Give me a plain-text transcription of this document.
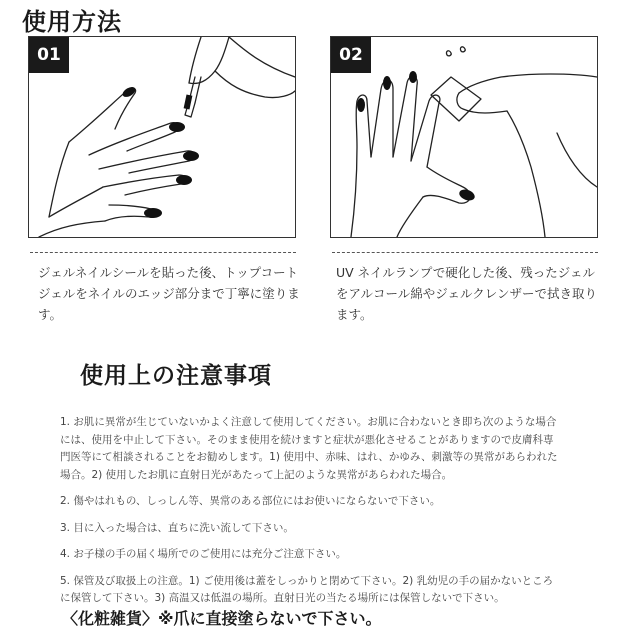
使用方法
01
ジェルネイルシールを貼った後、トップコートジェルをネイルのエッジ部分まで丁寧に塗ります。
02
UV ネイルランプで硬化した後、残ったジェルをアルコール綿やジェルクレンザーで拭き取ります。
使用上の注意事項
1. お肌に異常が生じていないかよく注意して使用してください。お肌に合わないとき即ち次のような場合には、使用を中止して下さい。そのまま使用を続けますと症状が悪化させることがありますので皮膚科専門医等にて相談されることをお勧めします。1) 使用中、赤味、はれ、かゆみ、刺激等の異常があらわれた場合。2) 使用したお肌に直射日光があたって上記のような異常があらわれた場合。
2. 傷やはれもの、しっしん等、異常のある部位にはお使いにならないで下さい。
3. 目に入った場合は、直ちに洗い流して下さい。
4. お子様の手の届く場所でのご使用には充分ご注意下さい。
5. 保管及び取扱上の注意。1) ご使用後は蓋をしっかりと閉めて下さい。2) 乳幼児の手の届かないところに保管して下さい。3) 高温又は低温の場所。直射日光の当たる場所には保管しないで下さい。
〈化粧雑貨〉※爪に直接塗らないで下さい。
